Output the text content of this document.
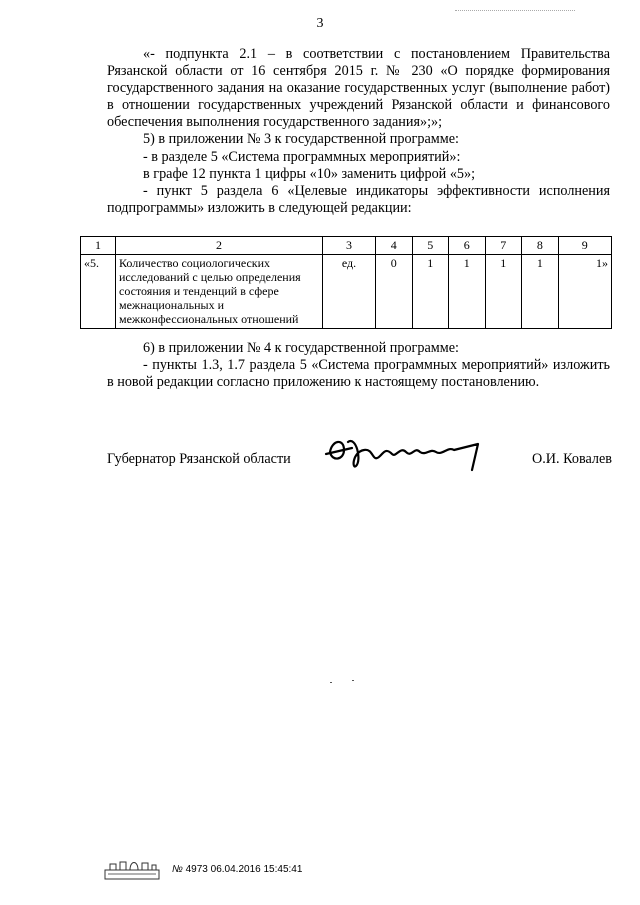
3

«- подпункта 2.1 – в соответствии с постановлением Правительства Рязанской области от 16 сентября 2015 г. № 230 «О порядке формирования государственного задания на оказание государственных услуг (выполнение работ) в отношении государственных учреждений Рязанской области и финансового обеспечения выполнения государственного задания»;»;

5) в приложении № 3 к государственной программе:

- в разделе 5 «Система программных мероприятий»:

в графе 12 пункта 1 цифры «10» заменить цифрой «5»;

- пункт 5 раздела 6 «Целевые индикаторы эффективности исполнения подпрограммы» изложить в следующей редакции:

1	2	3	4	5	6	7	8	9
«5.	Количество социологических исследований с целью определения состояния и тенденций в сфере межнациональных и межконфессиональных отношений	ед.	0	1	1	1	1	1»

6) в приложении № 4 к государственной программе:

- пункты 1.3, 1.7 раздела 5 «Система программных мероприятий» изложить в новой редакции согласно приложению к настоящему постановлению.

Губернатор Рязанской области	О.И. Ковалев
№ 4973 06.04.2016 15:45:41
